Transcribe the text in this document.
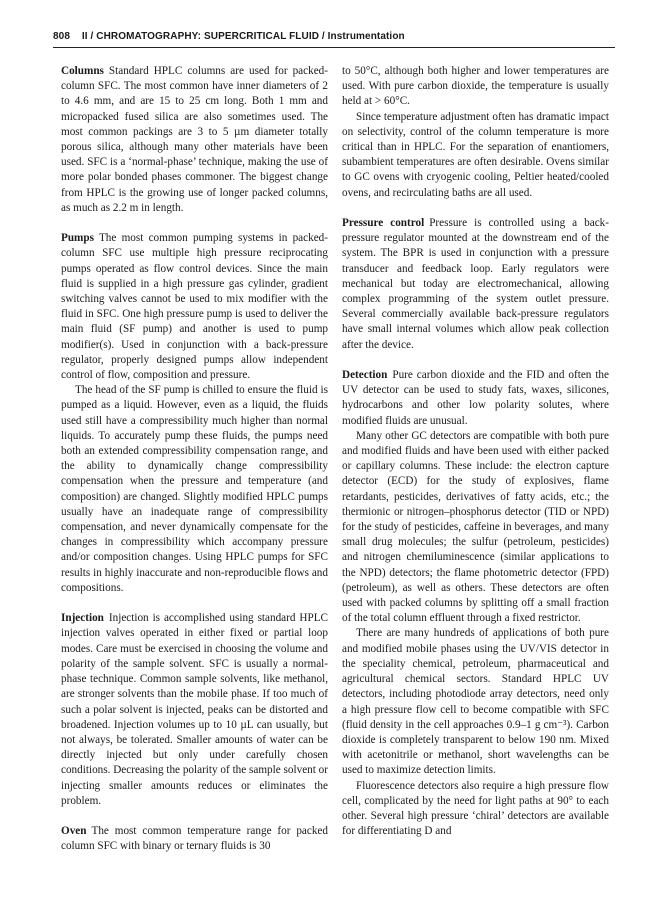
808 II / CHROMATOGRAPHY: SUPERCRITICAL FLUID / Instrumentation

Columns Standard HPLC columns are used for packed-column SFC. The most common have inner diameters of 2 to 4.6 mm, and are 15 to 25 cm long. Both 1 mm and micropacked fused silica are also sometimes used. The most common packings are 3 to 5 µm diameter totally porous silica, although many other materials have been used. SFC is a ‘normal-phase’ technique, making the use of more polar bonded phases commoner. The biggest change from HPLC is the growing use of longer packed columns, as much as 2.2 m in length.

Pumps The most common pumping systems in packed-column SFC use multiple high pressure reciprocating pumps operated as flow control devices. Since the main fluid is supplied in a high pressure gas cylinder, gradient switching valves cannot be used to mix modifier with the fluid in SFC. One high pressure pump is used to deliver the main fluid (SF pump) and another is used to pump modifier(s). Used in conjunction with a back-pressure regulator, properly designed pumps allow independent control of flow, composition and pressure.

The head of the SF pump is chilled to ensure the fluid is pumped as a liquid. However, even as a liquid, the fluids used still have a compressibility much higher than normal liquids. To accurately pump these fluids, the pumps need both an extended compressibility compensation range, and the ability to dynamically change compressibility compensation when the pressure and temperature (and composition) are changed. Slightly modified HPLC pumps usually have an inadequate range of compressibility compensation, and never dynamically compensate for the changes in compressibility which accompany pressure and/or composition changes. Using HPLC pumps for SFC results in highly inaccurate and non-reproducible flows and compositions.

Injection Injection is accomplished using standard HPLC injection valves operated in either fixed or partial loop modes. Care must be exercised in choosing the volume and polarity of the sample solvent. SFC is usually a normal-phase technique. Common sample solvents, like methanol, are stronger solvents than the mobile phase. If too much of such a polar solvent is injected, peaks can be distorted and broadened. Injection volumes up to 10 µL can usually, but not always, be tolerated. Smaller amounts of water can be directly injected but only under carefully chosen conditions. Decreasing the polarity of the sample solvent or injecting smaller amounts reduces or eliminates the problem.

Oven The most common temperature range for packed column SFC with binary or ternary fluids is 30

to 50°C, although both higher and lower temperatures are used. With pure carbon dioxide, the temperature is usually held at > 60°C.

Since temperature adjustment often has dramatic impact on selectivity, control of the column temperature is more critical than in HPLC. For the separation of enantiomers, subambient temperatures are often desirable. Ovens similar to GC ovens with cryogenic cooling, Peltier heated/cooled ovens, and recirculating baths are all used.

Pressure control Pressure is controlled using a back-pressure regulator mounted at the downstream end of the system. The BPR is used in conjunction with a pressure transducer and feedback loop. Early regulators were mechanical but today are electromechanical, allowing complex programming of the system outlet pressure. Several commercially available back-pressure regulators have small internal volumes which allow peak collection after the device.

Detection Pure carbon dioxide and the FID and often the UV detector can be used to study fats, waxes, silicones, hydrocarbons and other low polarity solutes, where modified fluids are unusual.

Many other GC detectors are compatible with both pure and modified fluids and have been used with either packed or capillary columns. These include: the electron capture detector (ECD) for the study of explosives, flame retardants, pesticides, derivatives of fatty acids, etc.; the thermionic or nitrogen–phosphorus detector (TID or NPD) for the study of pesticides, caffeine in beverages, and many small drug molecules; the sulfur (petroleum, pesticides) and nitrogen chemiluminescence (similar applications to the NPD) detectors; the flame photometric detector (FPD)(petroleum), as well as others. These detectors are often used with packed columns by splitting off a small fraction of the total column effluent through a fixed restrictor.

There are many hundreds of applications of both pure and modified mobile phases using the UV/VIS detector in the speciality chemical, petroleum, pharmaceutical and agricultural chemical sectors. Standard HPLC UV detectors, including photodiode array detectors, need only a high pressure flow cell to become compatible with SFC (fluid density in the cell approaches 0.9–1 g cm⁻³). Carbon dioxide is completely transparent to below 190 nm. Mixed with acetonitrile or methanol, short wavelengths can be used to maximize detection limits.

Fluorescence detectors also require a high pressure flow cell, complicated by the need for light paths at 90° to each other. Several high pressure ‘chiral’ detectors are available for differentiating D and
